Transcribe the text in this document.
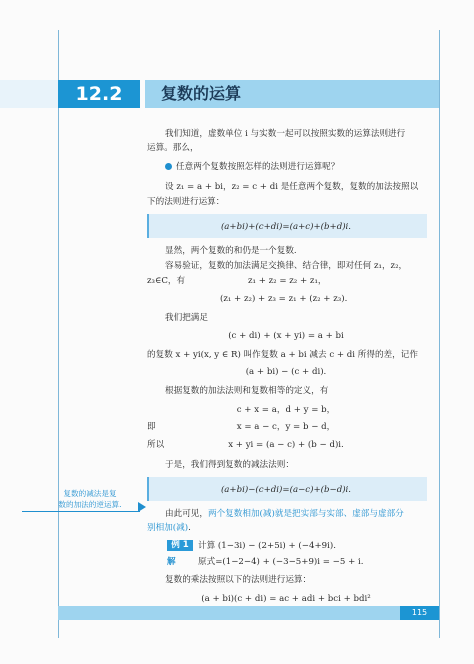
12.2	复数的运算
我们知道，虚数单位 i 与实数一起可以按照实数的运算法则进行
运算。那么，
任意两个复数按照怎样的法则进行运算呢？
设 z₁ = a + bi，z₂ = c + di 是任意两个复数，复数的加法按照以
下的法则进行运算：
(a+bi)+(c+di)=(a+c)+(b+d)i.
显然，两个复数的和仍是一个复数.
容易验证，复数的加法满足交换律、结合律，即对任何 z₁，z₂，
z₃∈C，有	z₁ + z₂ = z₂ + z₁，
(z₁ + z₂) + z₃ = z₁ + (z₂ + z₃).
我们把满足
(c + di) + (x + yi) = a + bi
的复数 x + yi(x, y ∈ R) 叫作复数 a + bi 减去 c + di 所得的差，记作
(a + bi) − (c + di).
根据复数的加法法则和复数相等的定义，有
c + x = a，d + y = b，
即	x = a − c，y = b − d，
所以	x + yi = (a − c) + (b − d)i.
于是，我们得到复数的减法法则：
(a+bi)−(c+di)=(a−c)+(b−d)i.
复数的减法是复
数的加法的逆运算.
由此可见，两个复数相加(减)就是把实部与实部、虚部与虚部分
别相加(减).
例 1	计算 (1−3i) − (2+5i) + (−4+9i).
解	原式=(1−2−4) + (−3−5+9)i = −5 + i.
复数的乘法按照以下的法则进行运算：
(a + bi)(c + di) = ac + adi + bci + bdi²
115
